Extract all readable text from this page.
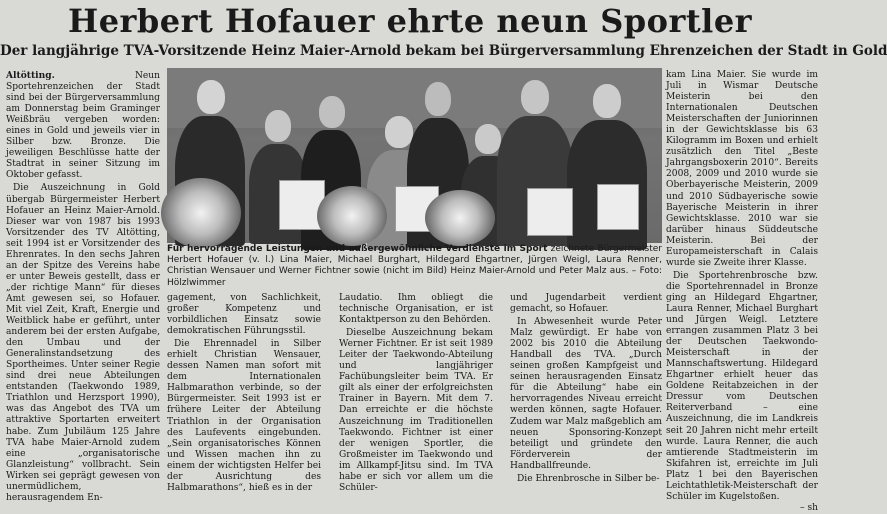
Herbert Hofauer ehrte neun Sportler
Der langjährige TVA-Vorsitzende Heinz Maier-Arnold bekam bei Bürgerversammlung Ehrenzeichen der Stadt in Gold

Altötting. Neun Sportehrenzeichen der Stadt sind bei der Bürgerversammlung am Donnerstag beim Graminger Weißbräu vergeben worden: eines in Gold und jeweils vier in Silber bzw. Bronze. Die jeweiligen Beschlüsse hatte der Stadtrat in seiner Sitzung im Oktober gefasst.

Die Auszeichnung in Gold übergab Bürgermeister Herbert Hofauer an Heinz Maier-Arnold. Dieser war von 1987 bis 1993 Vorsitzender des TV Altötting, seit 1994 ist er Vorsitzender des Ehrenrates. In den sechs Jahren an der Spitze des Vereins habe er unter Beweis gestellt, dass er „der richtige Mann“ für dieses Amt gewesen sei, so Hofauer. Mit viel Zeit, Kraft, Energie und Weitblick habe er geführt, unter anderem bei der ersten Aufgabe, den Umbau und der Generalinstandsetzung des Sportheimes. Unter seiner Regie sind drei neue Abteilungen entstanden (Taekwondo 1989, Triathlon und Herzsport 1990), was das Angebot des TVA um attraktive Sportarten erweitert habe. Zum Jubiläum 125 Jahre TVA habe Maier-Arnold zudem eine „organisatorische Glanzleistung“ vollbracht. Sein Wirken sei geprägt gewesen von unermüdlichem, herausragendem En-

Für hervorragende Leistungen und außergewöhnliche Verdienste im Sport zeichnete Bürgermeister Herbert Hofauer (v. l.) Lina Maier, Michael Burghart, Hildegard Ehgartner, Jürgen Weigl, Laura Renner, Christian Wensauer und Werner Fichtner sowie (nicht im Bild) Heinz Maier-Arnold und Peter Malz aus. – Foto: Hölzlwimmer

gagement, von Sachlichkeit, großer Kompetenz und vorbildlichen Einsatz sowie demokratischen Führungsstil.

Die Ehrennadel in Silber erhielt Christian Wensauer, dessen Namen man sofort mit dem Internationalen Halbmarathon verbinde, so der Bürgermeister. Seit 1993 ist er frühere Leiter der Abteilung Triathlon in der Organisation des Laufevents eingebunden. „Sein organisatorisches Können und Wissen machen ihn zu einem der wichtigsten Helfer bei der Ausrichtung des Halbmarathons“, hieß es in der

Laudatio. Ihm obliegt die technische Organisation, er ist Kontaktperson zu den Behörden.

Dieselbe Auszeichnung bekam Werner Fichtner. Er ist seit 1989 Leiter der Taekwondo-Abteilung und langjähriger Fachübungsleiter beim TVA. Er gilt als einer der erfolgreichsten Trainer in Bayern. Mit dem 7. Dan erreichte er die höchste Auszeichnung im Traditionellen Taekwondo. Fichtner ist einer der wenigen Sportler, die Großmeister im Taekwondo und im Allkampf-Jitsu sind. Im TVA habe er sich vor allem um die Schüler-

und Jugendarbeit verdient gemacht, so Hofauer.

In Abwesenheit wurde Peter Malz gewürdigt. Er habe von 2002 bis 2010 die Abteilung Handball des TVA. „Durch seinen großen Kampfgeist und seinen herausragenden Einsatz für die Abteilung“ habe ein hervorragendes Niveau erreicht werden können, sagte Hofauer. Zudem war Malz maßgeblich am neuen Sponsoring-Konzept beteiligt und gründete den Förderverein der Handballfreunde.

Die Ehrenbrosche in Silber be-

kam Lina Maier. Sie wurde im Juli in Wismar Deutsche Meisterin bei den Internationalen Deutschen Meisterschaften der Juniorinnen in der Gewichtsklasse bis 63 Kilogramm im Boxen und erhielt zusätzlich den Titel „Beste Jahrgangsboxerin 2010“. Bereits 2008, 2009 und 2010 wurde sie Oberbayerische Meisterin, 2009 und 2010 Südbayerische sowie Bayerische Meisterin in ihrer Gewichtsklasse. 2010 war sie darüber hinaus Süddeutsche Meisterin. Bei der Europameisterschaft in Calais wurde sie Zweite ihrer Klasse.

Die Sportehrenbrosche bzw. die Sportehrennadel in Bronze ging an Hildegard Ehgartner, Laura Renner, Michael Burghart und Jürgen Weigl. Letztere errangen zusammen Platz 3 bei der Deutschen Taekwondo-Meisterschaft in der Mannschaftswertung. Hildegard Ehgartner erhielt heuer das Goldene Reitabzeichen in der Dressur vom Deutschen Reiterverband – eine Auszeichnung, die im Landkreis seit 20 Jahren nicht mehr erteilt wurde. Laura Renner, die auch amtierende Stadtmeisterin im Skifahren ist, erreichte im Juli Platz 1 bei den Bayerischen Leichtathletik-Meisterschaft der Schüler im Kugelstoßen.

– sh
